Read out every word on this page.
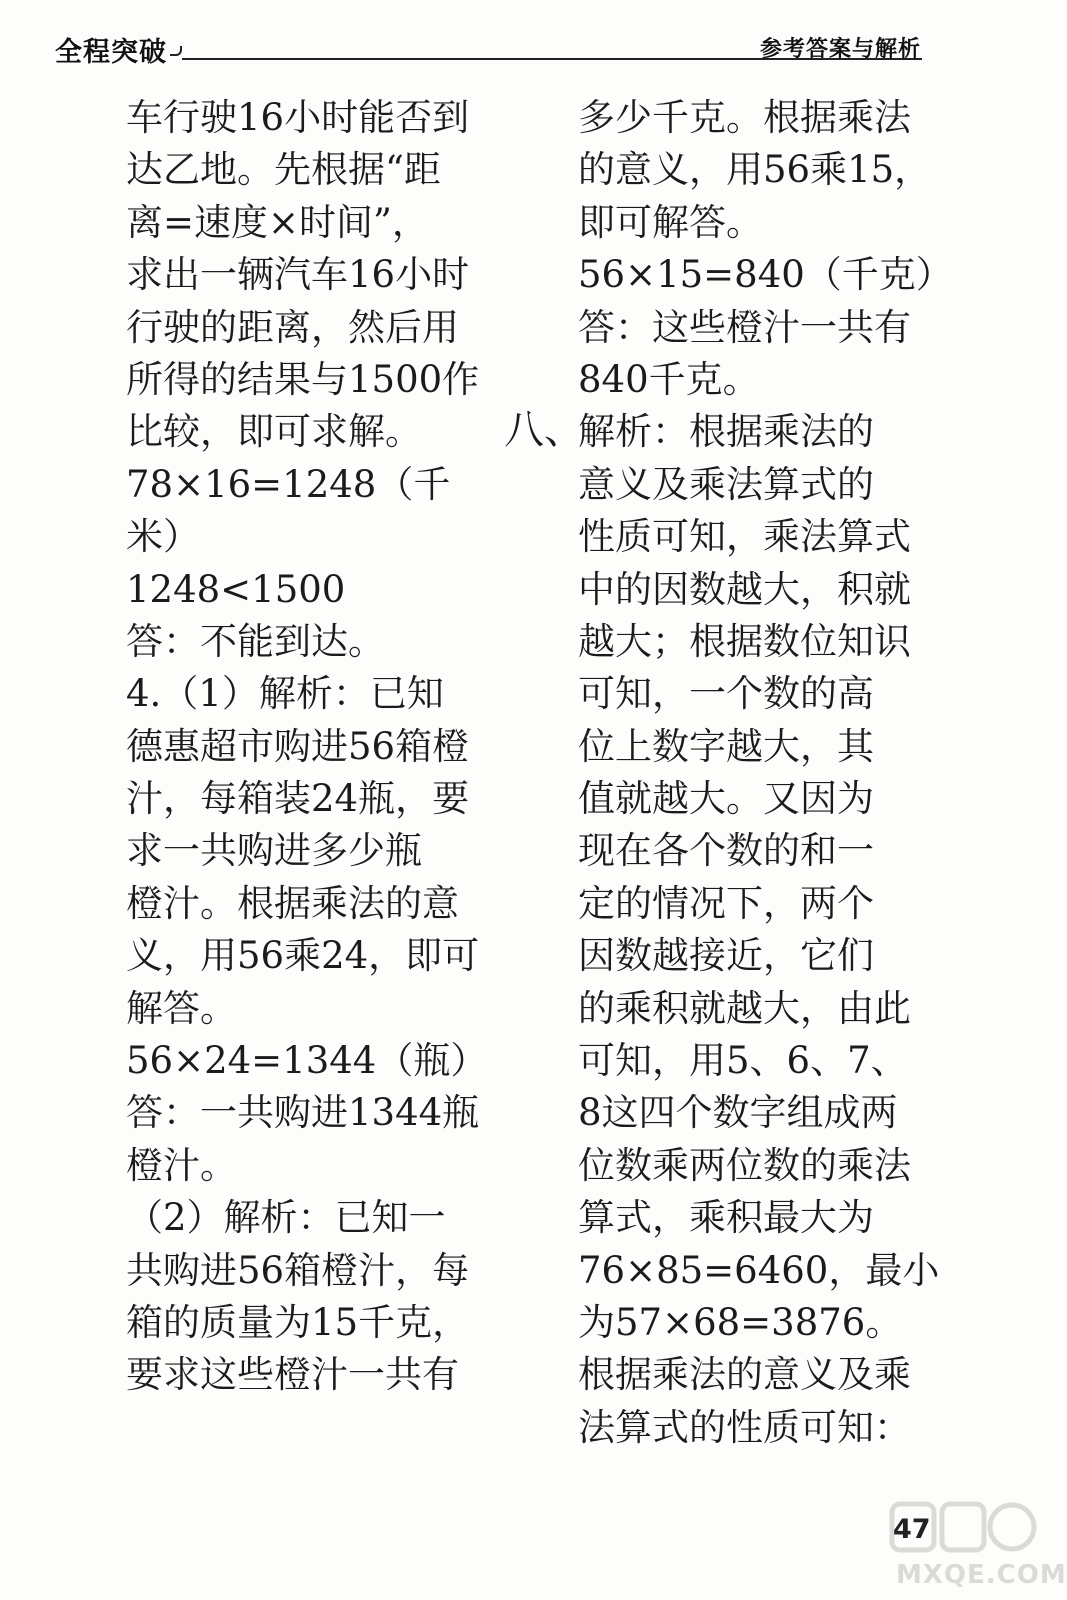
全程突破	参考答案与解析
车行驶16小时能否到
达乙地。先根据“距
离=速度×时间”，
求出一辆汽车16小时
行驶的距离，然后用
所得的结果与1500作
比较，即可求解。
78×16=1248（千
米）
1248<1500
答：不能到达。
4.（1）解析：已知
德惠超市购进56箱橙
汁，每箱装24瓶，要
求一共购进多少瓶
橙汁。根据乘法的意
义，用56乘24，即可
解答。
56×24=1344（瓶）
答：一共购进1344瓶
橙汁。
（2）解析：已知一
共购进56箱橙汁，每
箱的质量为15千克，
要求这些橙汁一共有
八、
多少千克。根据乘法
的意义，用56乘15，
即可解答。
56×15=840（千克）
答：这些橙汁一共有
840千克。
解析：根据乘法的
意义及乘法算式的
性质可知，乘法算式
中的因数越大，积就
越大；根据数位知识
可知，一个数的高
位上数字越大，其
值就越大。又因为
现在各个数的和一
定的情况下，两个
因数越接近，它们
的乘积就越大，由此
可知，用5、6、7、
8这四个数字组成两
位数乘两位数的乘法
算式，乘积最大为
76×85=6460，最小
为57×68=3876。
根据乘法的意义及乘
法算式的性质可知：
MXQE.COM
47
